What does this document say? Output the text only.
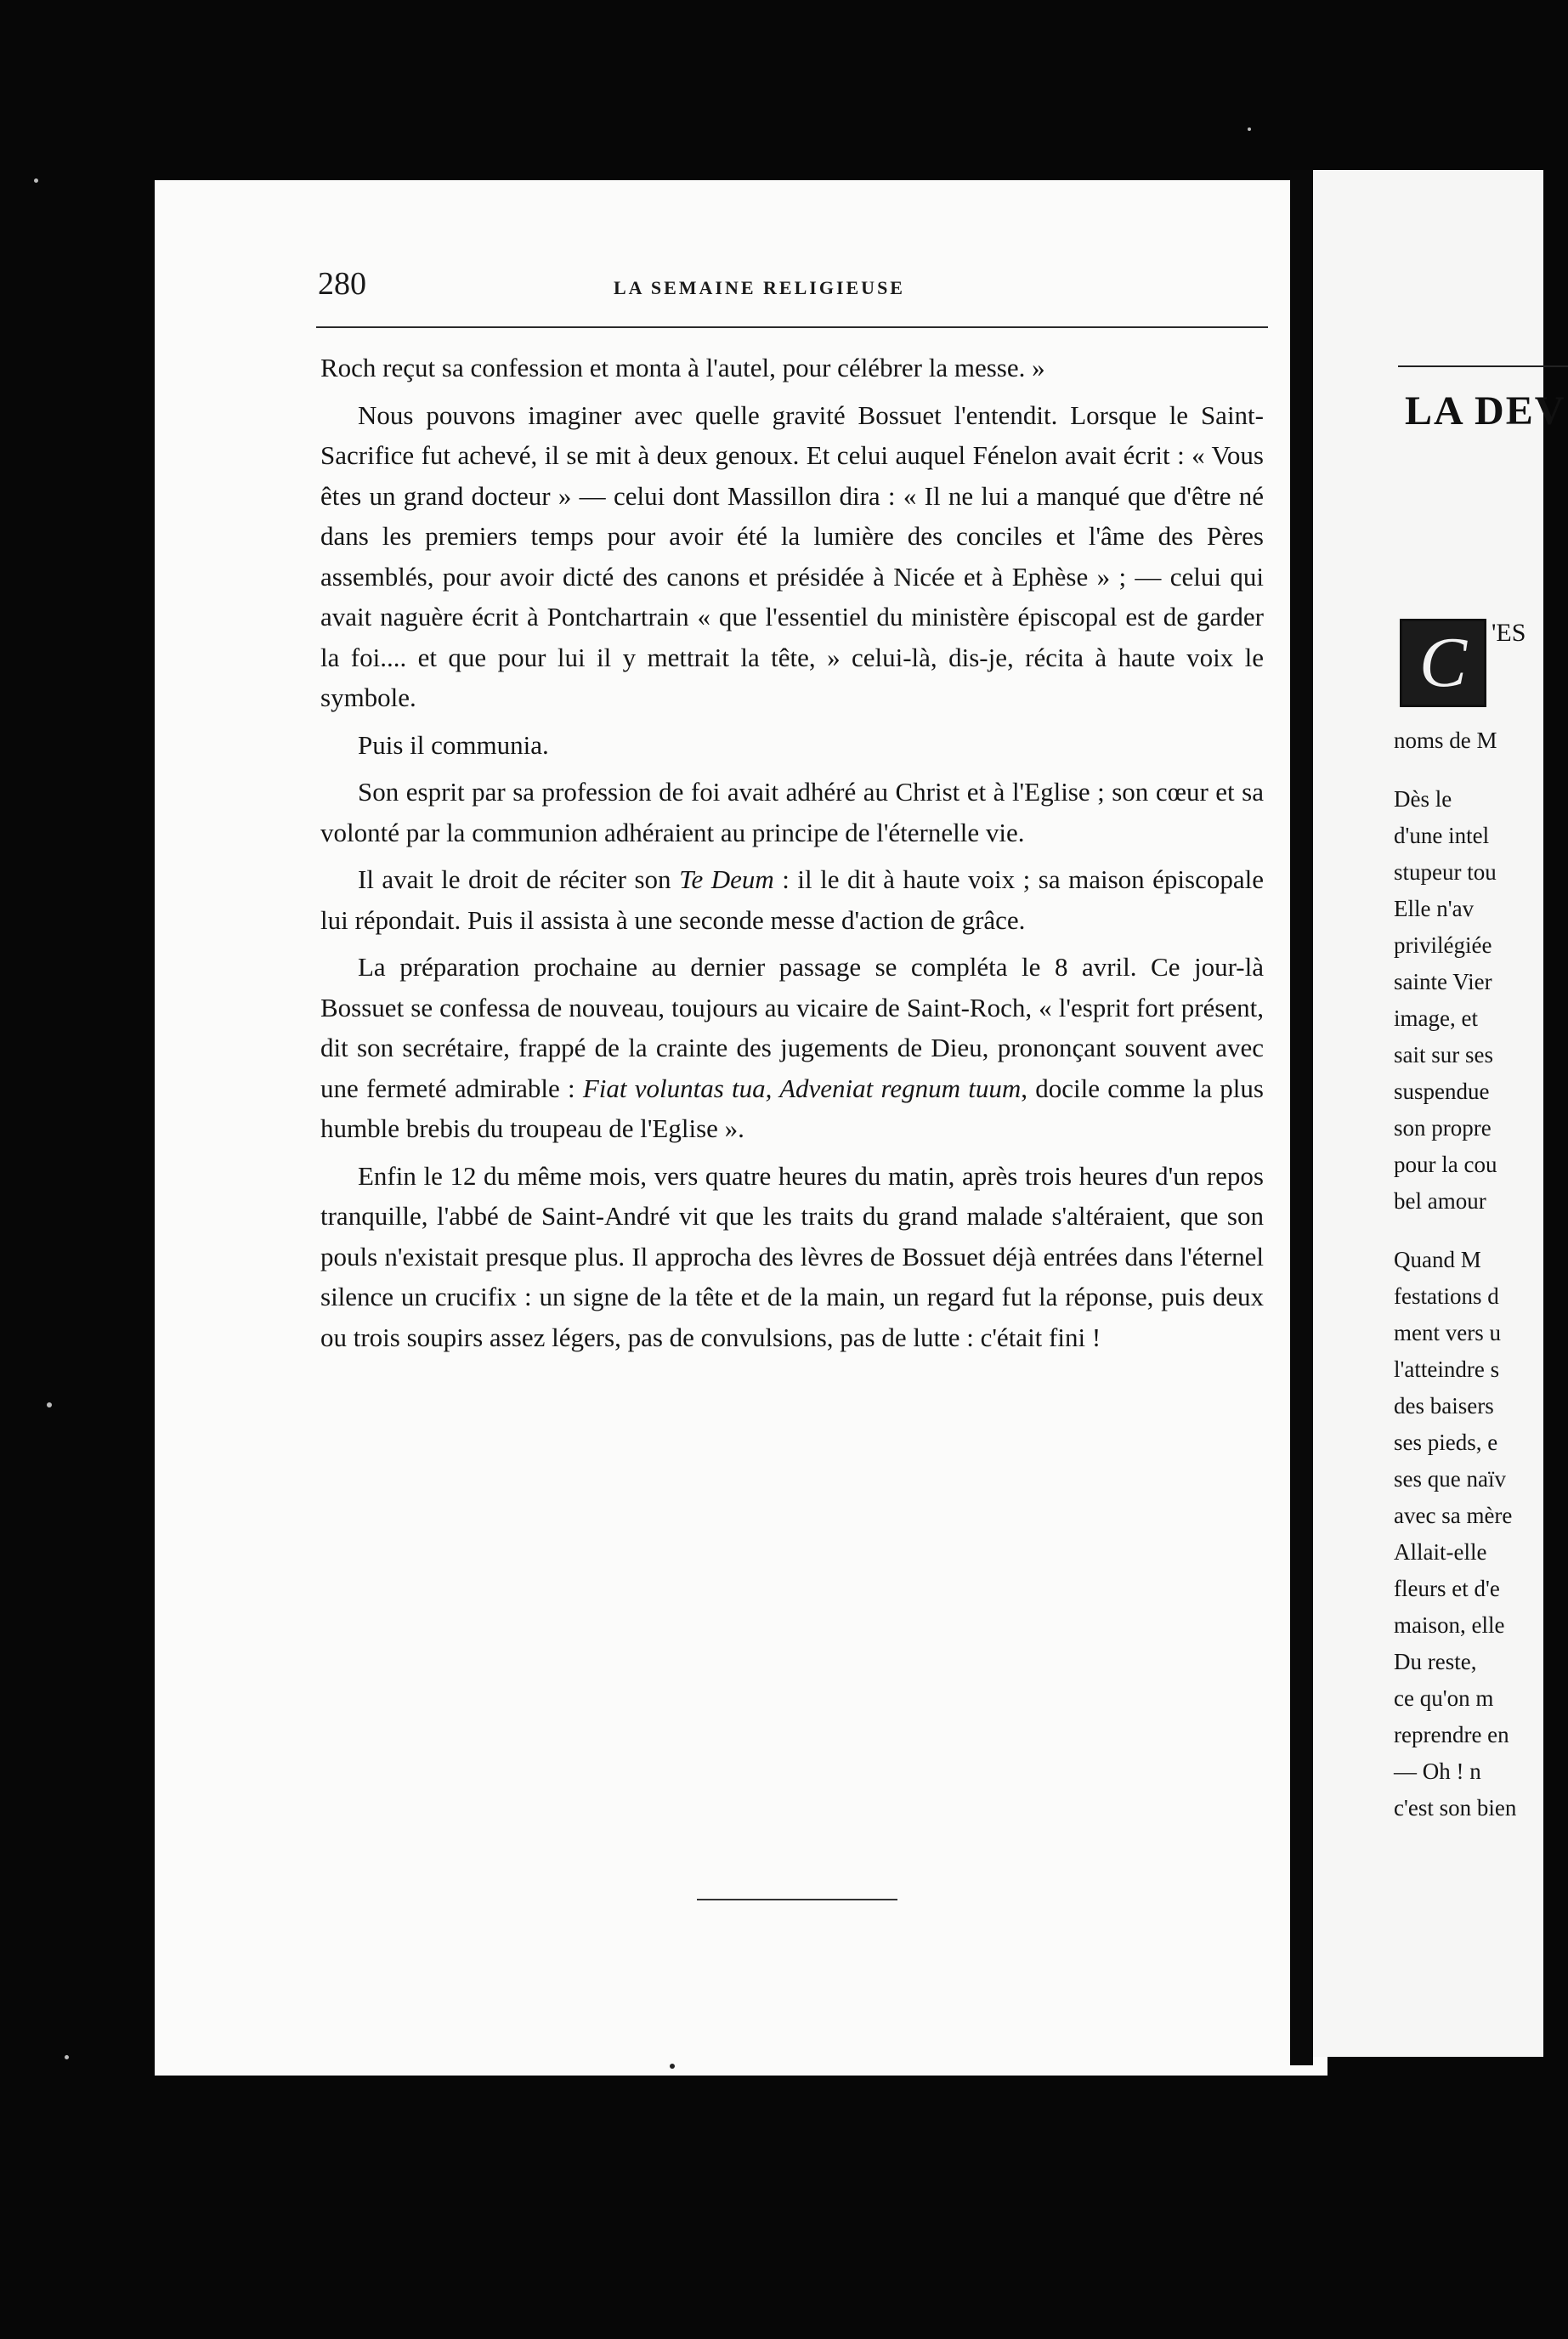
280	LA SEMAINE RELIGIEUSE

Roch reçut sa confession et monta à l'autel, pour célébrer la messe. »

Nous pouvons imaginer avec quelle gravité Bossuet l'entendit. Lorsque le Saint-Sacrifice fut achevé, il se mit à deux genoux. Et celui auquel Fénelon avait écrit : « Vous êtes un grand docteur » — celui dont Massillon dira : « Il ne lui a manqué que d'être né dans les premiers temps pour avoir été la lumière des conciles et l'âme des Pères assemblés, pour avoir dicté des canons et présidée à Nicée et à Ephèse » ; — celui qui avait naguère écrit à Pontchartrain « que l'essentiel du ministère épiscopal est de garder la foi.... et que pour lui il y mettrait la tête, » celui-là, dis-je, récita à haute voix le symbole.

Puis il communia.

Son esprit par sa profession de foi avait adhéré au Christ et à l'Eglise ; son cœur et sa volonté par la communion adhéraient au principe de l'éternelle vie.

Il avait le droit de réciter son Te Deum : il le dit à haute voix ; sa maison épiscopale lui répondait. Puis il assista à une seconde messe d'action de grâce.

La préparation prochaine au dernier passage se compléta le 8 avril. Ce jour-là Bossuet se confessa de nouveau, toujours au vicaire de Saint-Roch, « l'esprit fort présent, dit son secrétaire, frappé de la crainte des jugements de Dieu, prononçant souvent avec une fermeté admirable : Fiat voluntas tua, Adveniat regnum tuum, docile comme la plus humble brebis du troupeau de l'Eglise ».

Enfin le 12 du même mois, vers quatre heures du matin, après trois heures d'un repos tranquille, l'abbé de Saint-André vit que les traits du grand malade s'altéraient, que son pouls n'existait presque plus. Il approcha des lèvres de Bossuet déjà entrées dans l'éternel silence un crucifix : un signe de la tête et de la main, un regard fut la réponse, puis deux ou trois soupirs assez légers, pas de convulsions, pas de lutte : c'était fini !

LA DEV
C 'ES
noms de M
Dès le
d'une intel
stupeur tou
Elle n'av
privilégiée
sainte Vier
image, et
sait sur ses
suspendue
son propre
pour la cou
bel amour
Quand M
festations d
ment vers u
l'atteindre s
des baisers
ses pieds, e
ses que naïv
avec sa mère
Allait-elle
fleurs et d'e
maison, elle
Du reste,
ce qu'on m
reprendre en
— Oh ! n
c'est son bien
